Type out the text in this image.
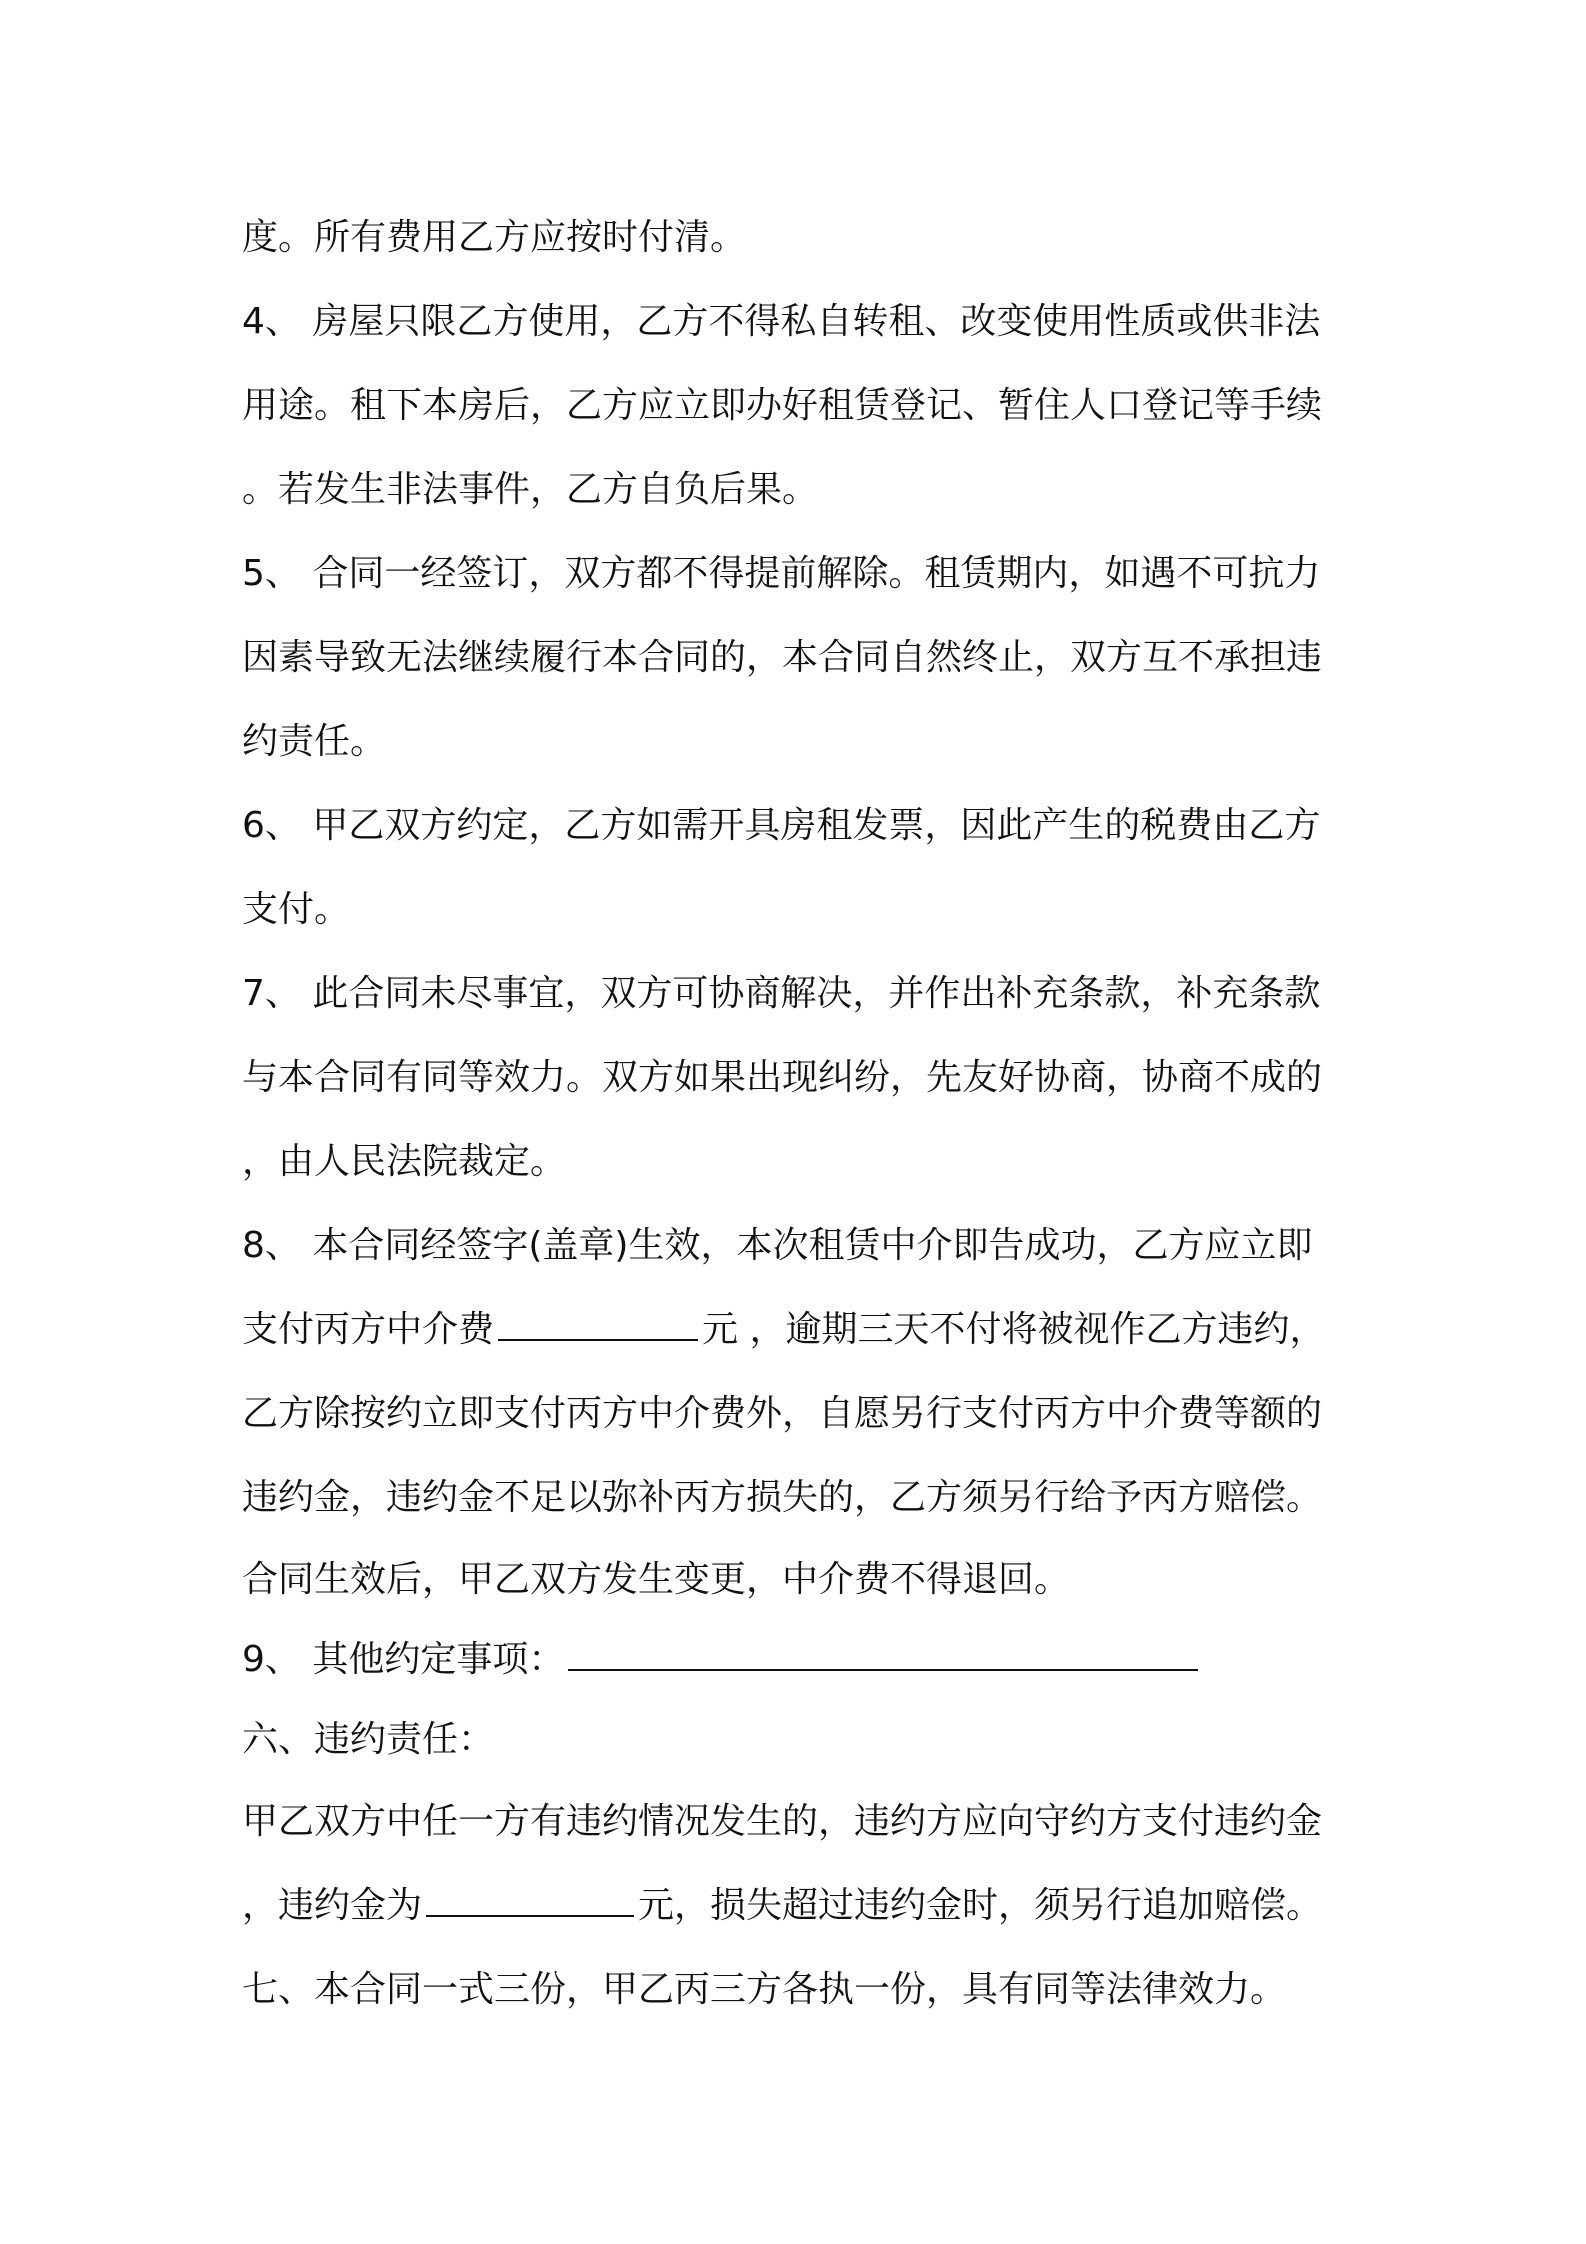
度。所有费用乙方应按时付清。
4、 房屋只限乙方使用，乙方不得私自转租、改变使用性质或供非法
用途。租下本房后，乙方应立即办好租赁登记、暂住人口登记等手续
。若发生非法事件，乙方自负后果。
5、 合同一经签订，双方都不得提前解除。租赁期内，如遇不可抗力
因素导致无法继续履行本合同的，本合同自然终止，双方互不承担违
约责任。
6、 甲乙双方约定，乙方如需开具房租发票，因此产生的税费由乙方
支付。
7、 此合同未尽事宜，双方可协商解决，并作出补充条款，补充条款
与本合同有同等效力。双方如果出现纠纷，先友好协商，协商不成的
，由人民法院裁定。
8、 本合同经签字(盖章)生效，本次租赁中介即告成功，乙方应立即
支付丙方中介费	元 ，逾期三天不付将被视作乙方违约，
乙方除按约立即支付丙方中介费外，自愿另行支付丙方中介费等额的
违约金，违约金不足以弥补丙方损失的，乙方须另行给予丙方赔偿。
合同生效后，甲乙双方发生变更，中介费不得退回。
9、 其他约定事项：
六、违约责任：
甲乙双方中任一方有违约情况发生的，违约方应向守约方支付违约金
，违约金为	元，损失超过违约金时，须另行追加赔偿。
七、本合同一式三份，甲乙丙三方各执一份，具有同等法律效力。
